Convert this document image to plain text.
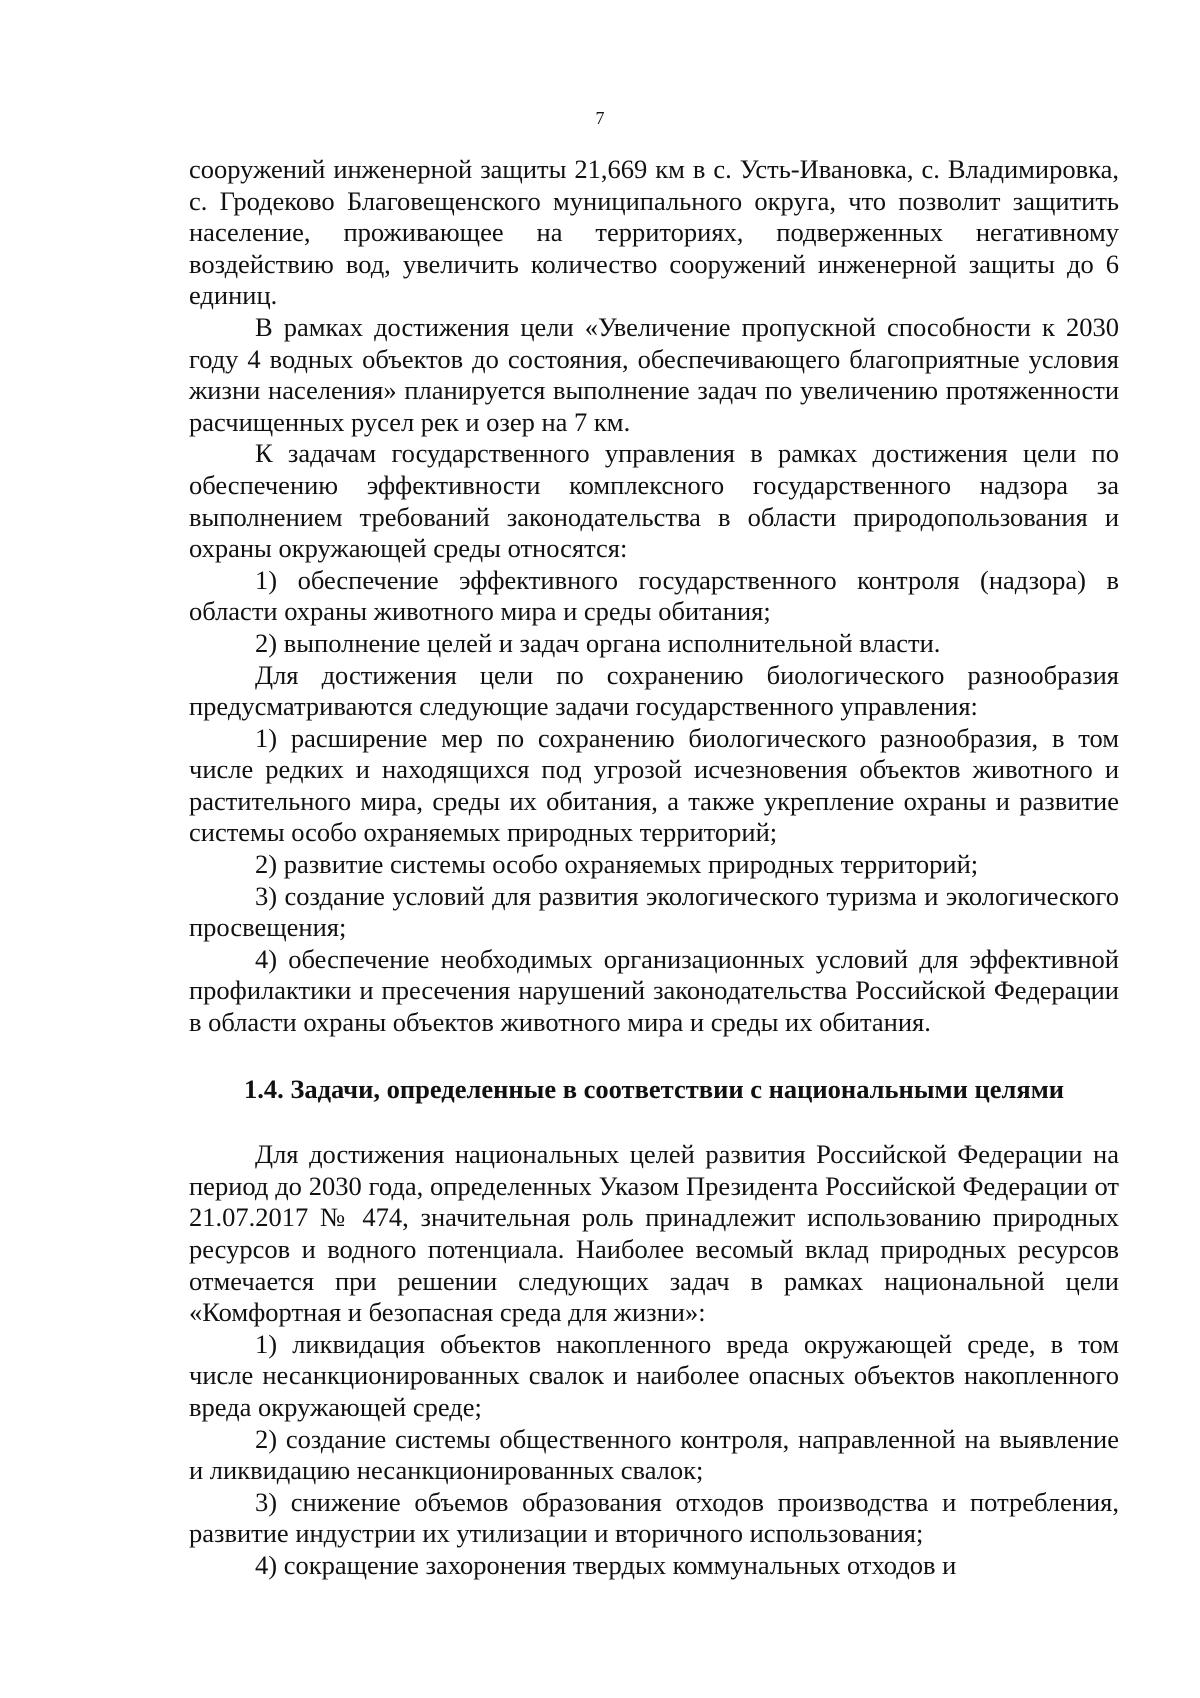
7

сооружений инженерной защиты 21,669 км в с. Усть-Ивановка, с. Владимировка, с. Гродеково Благовещенского муниципального округа, что позволит защитить население, проживающее на территориях, подверженных негативному воздействию вод, увеличить количество сооружений инженерной защиты до 6 единиц.

В рамках достижения цели «Увеличение пропускной способности к 2030 году 4 водных объектов до состояния, обеспечивающего благоприятные условия жизни населения» планируется выполнение задач по увеличению протяженности расчищенных русел рек и озер на 7 км.

К задачам государственного управления в рамках достижения цели по обеспечению эффективности комплексного государственного надзора за выполнением требований законодательства в области природопользования и охраны окружающей среды относятся:

1) обеспечение эффективного государственного контроля (надзора) в области охраны животного мира и среды обитания;

2) выполнение целей и задач органа исполнительной власти.

Для достижения цели по сохранению биологического разнообразия предусматриваются следующие задачи государственного управления:

1) расширение мер по сохранению биологического разнообразия, в том числе редких и находящихся под угрозой исчезновения объектов животного и растительного мира, среды их обитания, а также укрепление охраны и развитие системы особо охраняемых природных территорий;

2) развитие системы особо охраняемых природных территорий;

3) создание условий для развития экологического туризма и экологического просвещения;

4) обеспечение необходимых организационных условий для эффективной профилактики и пресечения нарушений законодательства Российской Федерации в области охраны объектов животного мира и среды их обитания.

1.4. Задачи, определенные в соответствии с национальными целями

Для достижения национальных целей развития Российской Федерации на период до 2030 года, определенных Указом Президента Российской Федерации от 21.07.2017 № 474, значительная роль принадлежит использованию природных ресурсов и водного потенциала. Наиболее весомый вклад природных ресурсов отмечается при решении следующих задач в рамках национальной цели «Комфортная и безопасная среда для жизни»:

1) ликвидация объектов накопленного вреда окружающей среде, в том числе несанкционированных свалок и наиболее опасных объектов накопленного вреда окружающей среде;

2) создание системы общественного контроля, направленной на выявление и ликвидацию несанкционированных свалок;

3) снижение объемов образования отходов производства и потребления, развитие индустрии их утилизации и вторичного использования;

4) сокращение захоронения твердых коммунальных отходов и
